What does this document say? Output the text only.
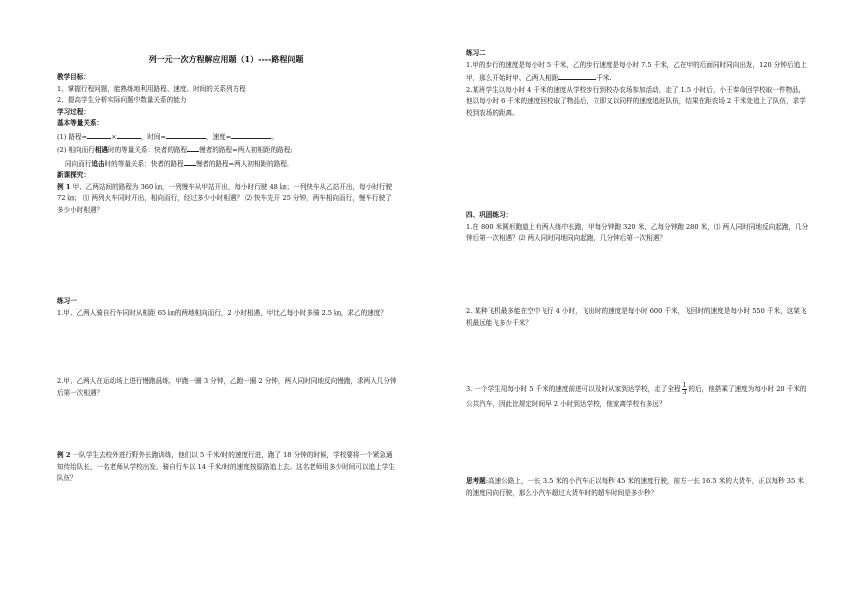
列一元一次方程解应用题（1）----路程问题

教学目标：

1、掌握行程问题，能熟练地利用路程、速度、时间的关系列方程

2、提高学生分析实际问题中数量关系的能力

学习过程：

基本等量关系：

(1) 路程=	×	，时间=	，速度=	。

(2) 相向而行相遇时的等量关系：快者的路程 慢者的路程=两人初相距的路程;

同向而行追击时的等量关系：快者的路程 慢者的路程=两人初相距的路程.

新课探究：

例 1 甲、乙两站间的路程为 360 ㎞，一列慢车从甲站开出，每小时行驶 48 ㎞；一列快车从乙站开出，每小时行驶 72 ㎞； ⑴ 两列火车同时开出，相向而行，经过多少小时相遇？ ⑵ 快车先开 25 分钟，两车相向而行，慢车行驶了多少小时相遇？

练习一

1.甲、乙两人骑自行车同时从相距 65 ㎞的两地相向而行，2 小时相遇，甲比乙每小时多骑 2.5 ㎞，求乙的速度？

2.甲、乙两人在运动场上进行慢跑晨练，甲跑一圈 3 分钟，乙跑一圈 2 分钟，两人同时同地反向慢跑，求两人几分钟后第一次相遇？
例 2 一队学生去校外进行野外长跑训练，他们以 5 千米/时的速度行进，跑了 18 分钟的时候，学校要将一个紧急通知传给队长，一名老师从学校出发，骑自行车以 14 千米/时的速度按原路追上去。这名老师用多少时间可以追上学生队伍？

练习二

1.甲的步行的速度是每小时 5 千米，乙的步行速度是每小时 7.5 千米，乙在甲的后面同时同向出发，120 分钟后追上甲，那么开始时甲、乙两人相距	千米.

2.某班学生以每小时 4 千米的速度从学校步行到校办农场参加活动，走了 1.5 小时后，小王奉命回学校取一件物品，他以每小时 6 千米的速度回校取了物品后，立即又以同样的速度追赶队伍，结果在距农场 2 千米处追上了队伍，求学校到农场的距离。

四、巩固练习：

1.在 800 米圆形跑道上有两人练中长跑，甲每分钟跑 320 米，乙每分钟跑 280 米，⑴ 两人同时同地反向起跑，几分钟后第一次相遇？⑵ 两人同时同地同向起跑，几分钟后第一次相遇？

2. 某种飞机最多能在空中飞行 4 小时，飞出时的速度是每小时 600 千米，飞回时的速度是每小时 550 千米，这架飞机最远能飞多少千米？
3. 一个学生用每小时 5 千米的速度前进可以及时从家到达学校，走了全程 $\frac{1}{3}$ 的后，他搭乘了速度为每小时 20 千米的公共汽车，因此比规定时间早 2 小时到达学校，他家离学校有多远？
思考题:高速公路上，一长 3.5 米的小汽车正以每秒 45 米的速度行驶，前方一长 16.5 米的大货车，正以每秒 35 米的速度同向行驶，那么小汽车超过大货车时的超车时间是多少秒？
